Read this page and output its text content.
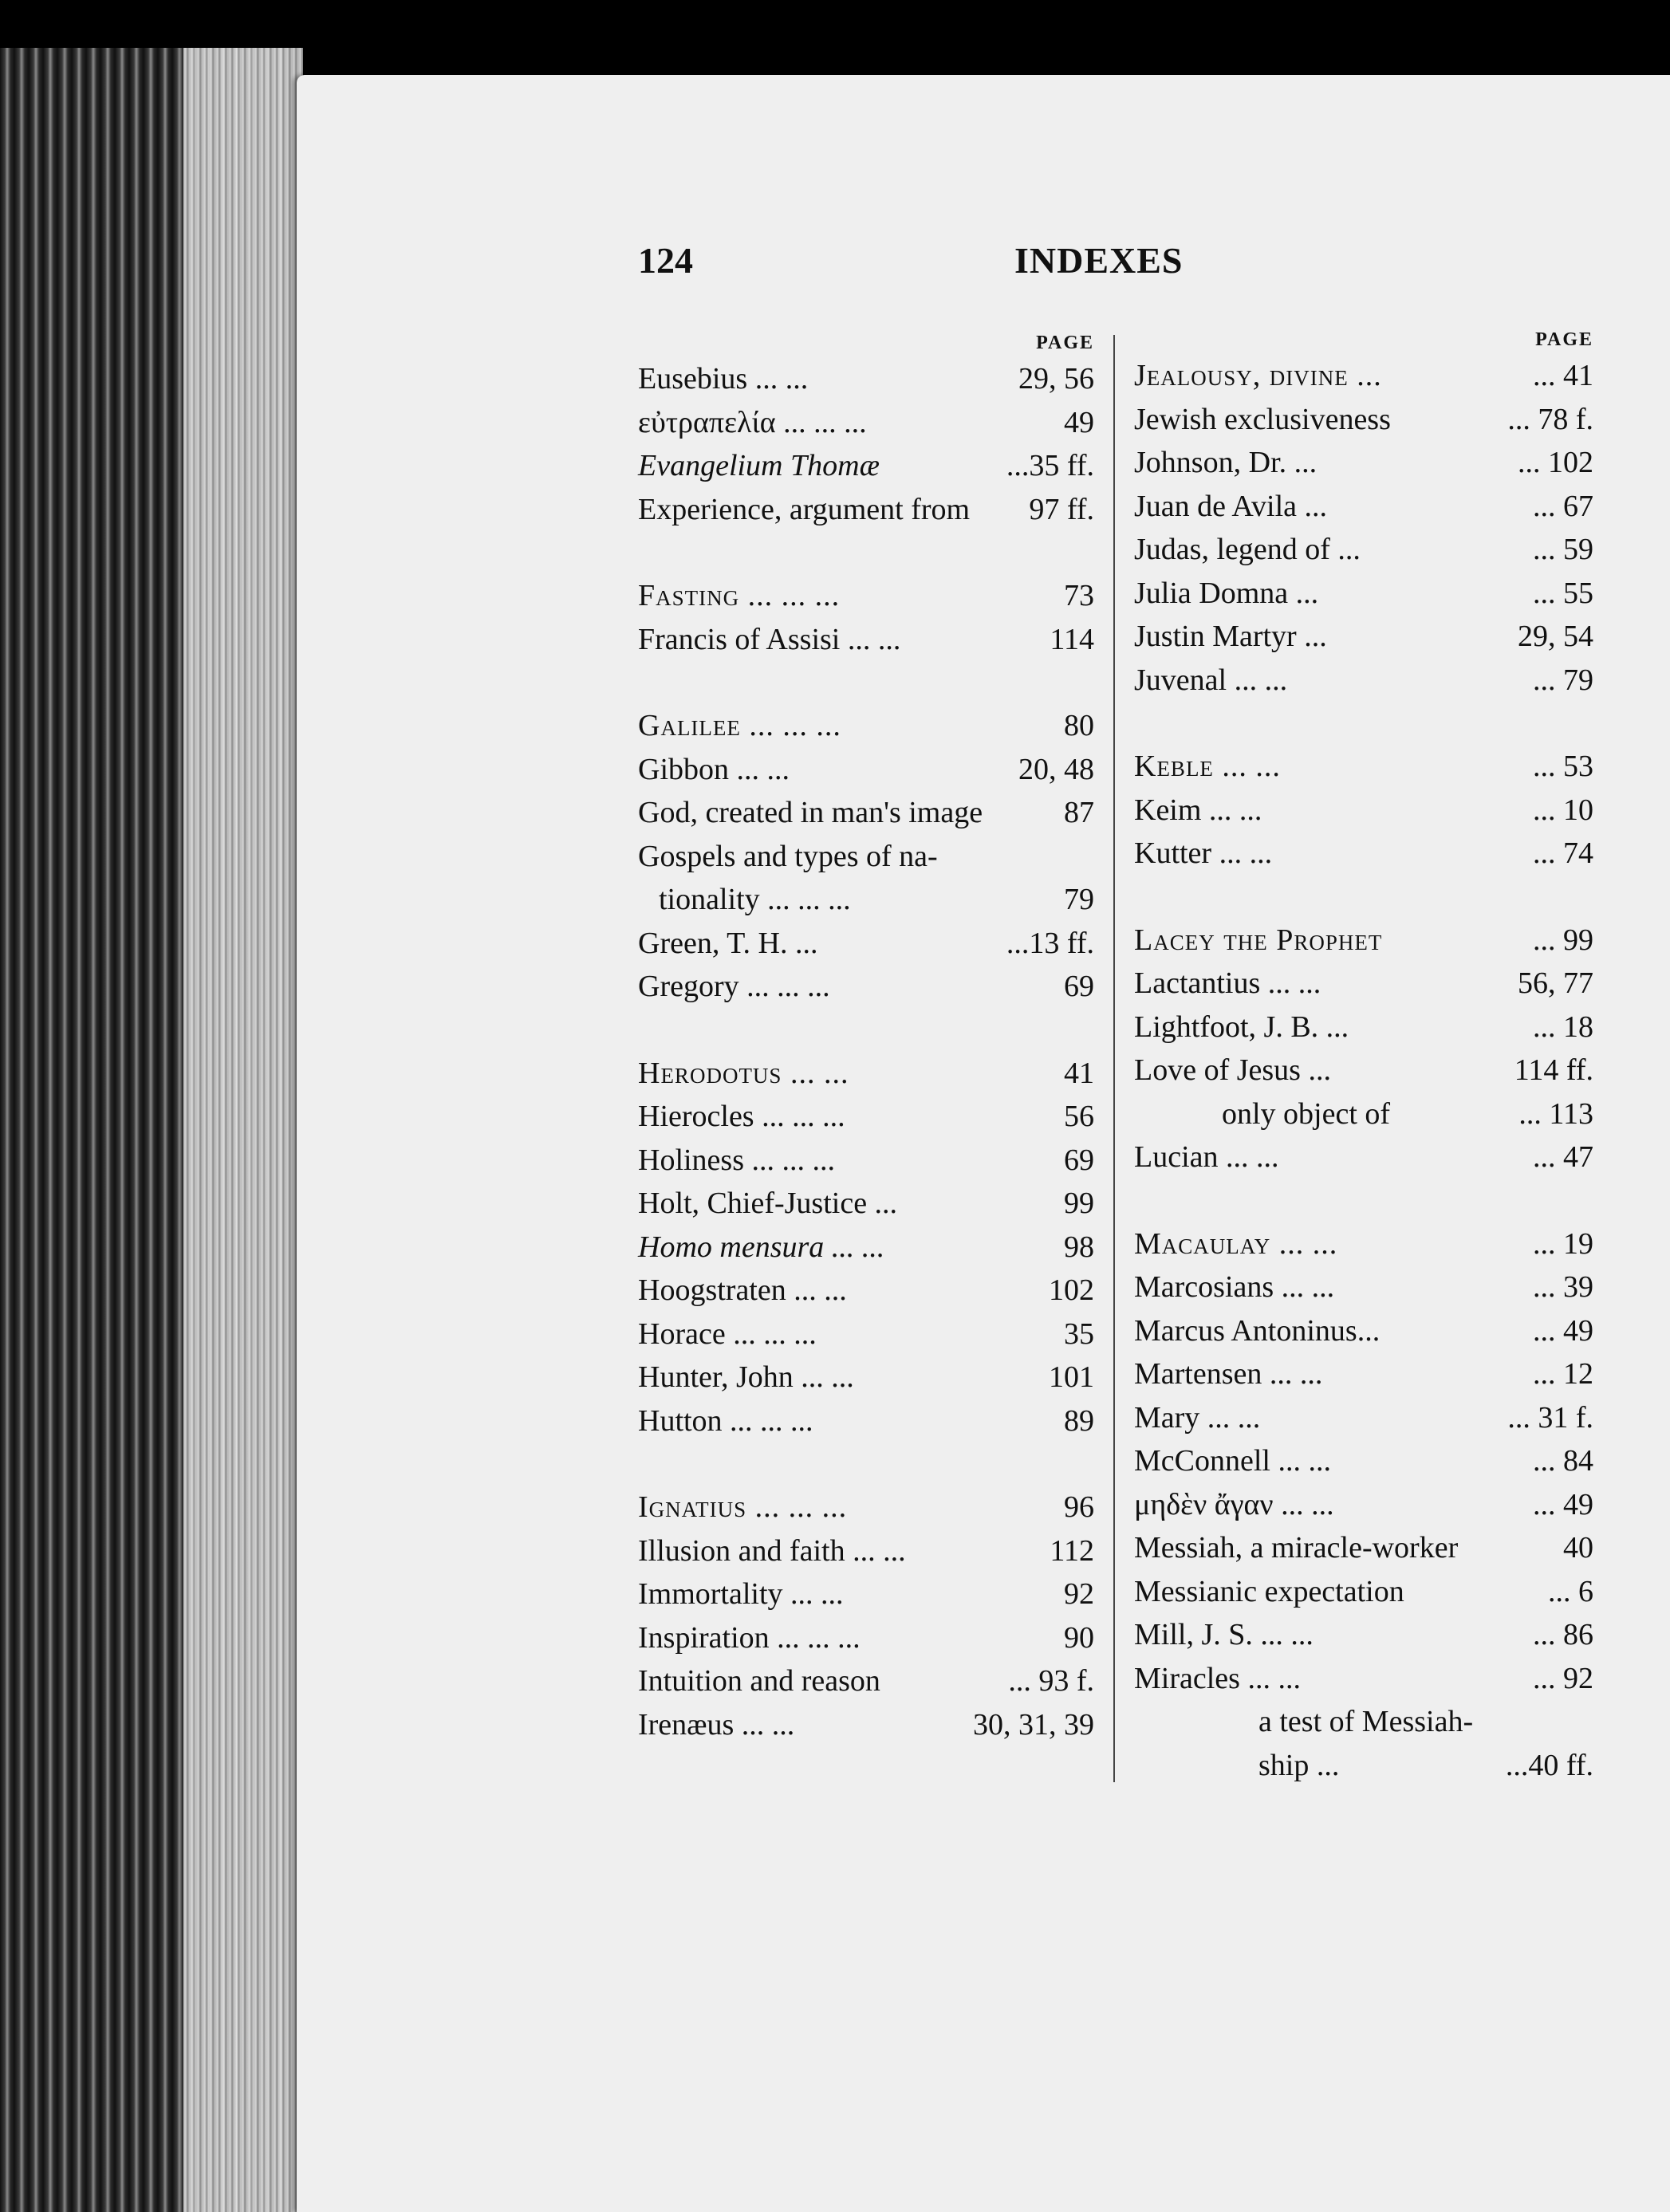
124	INDEXES
PAGE
Eusebius ... ...	29, 56
εὐτραπελία ... ... ...	49
Evangelium Thomæ	...35 ff.
Experience, argument from 97 ff.
Fasting ... ... ...	73
Francis of Assisi ... ...	114
Galilee ... ... ...	80
Gibbon ... ...	20, 48
God, created in man's image	87
Gospels and types of na-
tionality ... ... ...	79
Green, T. H. ...	...13 ff.
Gregory ... ... ...	69
Herodotus ... ...	41
Hierocles ... ... ...	56
Holiness ... ... ...	69
Holt, Chief-Justice ...	99
Homo mensura ... ...	98
Hoogstraten ... ...	102
Horace ... ... ...	35
Hunter, John ... ...	101
Hutton ... ... ...	89
Ignatius ... ... ...	96
Illusion and faith ... ...	112
Immortality ... ...	92
Inspiration ... ... ...	90
Intuition and reason	... 93 f.
Irenæus ... ...	30, 31, 39
PAGE
Jealousy, divine ...	... 41
Jewish exclusiveness	... 78 f.
Johnson, Dr. ...	... 102
Juan de Avila ...	... 67
Judas, legend of ...	... 59
Julia Domna ...	... 55
Justin Martyr ...	29, 54
Juvenal ... ...	... 79
Keble ... ...	... 53
Keim ... ...	... 10
Kutter ... ...	... 74
Lacey the Prophet	... 99
Lactantius ... ...	56, 77
Lightfoot, J. B. ...	... 18
Love of Jesus ...	114 ff.
only object of	... 113
Lucian ... ...	... 47
Macaulay ... ...	... 19
Marcosians ... ...	... 39
Marcus Antoninus...	... 49
Martensen ... ...	... 12
Mary ... ...	... 31 f.
McConnell ... ...	... 84
μηδὲν ἄγαν ... ...	... 49
Messiah, a miracle-worker	40
Messianic expectation	... 6
Mill, J. S. ... ...	... 86
Miracles ... ...	... 92
a test of Messiah-
ship ...	...40 ff.
